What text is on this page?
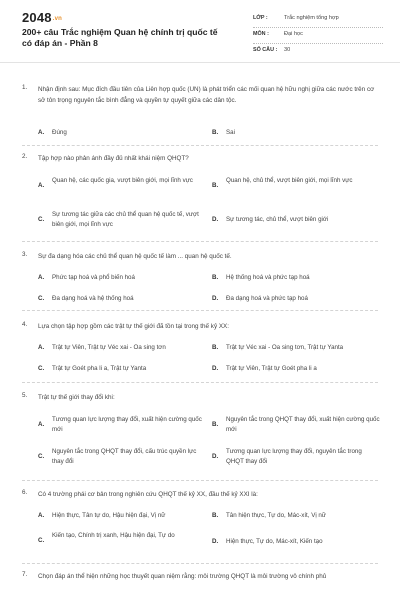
2048.vn
200+ câu Trắc nghiệm Quan hệ chính trị quốc tế có đáp án - Phần 8
LỚP :	Trắc nghiệm tổng hợp
MÔN :	Đại học
SỐ CÂU : 30
1. Nhận định sau: Mục đích đầu tiên của Liên hợp quốc (UN) là phát triển các mối quan hệ hữu nghị giữa các nước trên cơ sở tôn trọng nguyên tắc bình đẳng và quyền tự quyết giữa các dân tộc.
A. Đúng	B. Sai
2. Tập hợp nào phản ánh đầy đủ nhất khái niệm QHQT?
A.
Quan hệ, các quốc gia, vượt biên giới, mọi lĩnh vực
B.
Quan hệ, chủ thể, vượt biên giới, mọi lĩnh vực
C.
Sự tương tác giữa các chủ thể quan hệ quốc tế, vượt biên giới, mọi lĩnh vực
D. Sự tương tác, chủ thể, vượt biên giới
3. Sự đa dạng hóa các chủ thể quan hệ quốc tế làm ... quan hệ quốc tế.
A. Phức tạp hoá và phổ biến hoá	B. Hệ thống hoá và phức tạp hoá
C. Đa dạng hoá và hệ thống hoá	D. Đa dạng hoá và phức tạp hoá
4. Lựa chọn tập hợp gồm các trật tự thế giới đã tồn tại trong thế kỷ XX:
A. Trật tự Viên, Trật tự Véc xai - Oa sing tơn	B. Trật tự Véc xai - Oa sing tơn, Trật tự Yanta
C. Trật tự Goét pha li a, Trật tự Yanta	D. Trật tự Viên, Trật tự Goét pha li a
5. Trật tự thế giới thay đổi khi:
A.
Tương quan lực lượng thay đổi, xuất hiện cường quốc mới
B.
Nguyên tắc trong QHQT thay đổi, xuất hiện cường quốc mới
C.
Nguyên tắc trong QHQT thay đổi, cấu trúc quyền lực thay đổi
D.
Tương quan lực lượng thay đổi, nguyên tắc trong QHQT thay đổi
6. Có 4 trường phái cơ bản trong nghiên cứu QHQT thế kỷ XX, đầu thế kỷ XXI là:
A. Hiện thực, Tân tự do, Hậu hiện đại, Vị nữ	B. Tân hiện thực, Tự do, Mác-xít, Vị nữ
C.
Kiến tạo, Chính trị xanh, Hậu hiện đại, Tự do
D. Hiện thực, Tự do, Mác-xít, Kiến tạo
7. Chọn đáp án thể hiện những học thuyết quan niệm rằng: môi trường QHQT là môi trường vô chính phủ
